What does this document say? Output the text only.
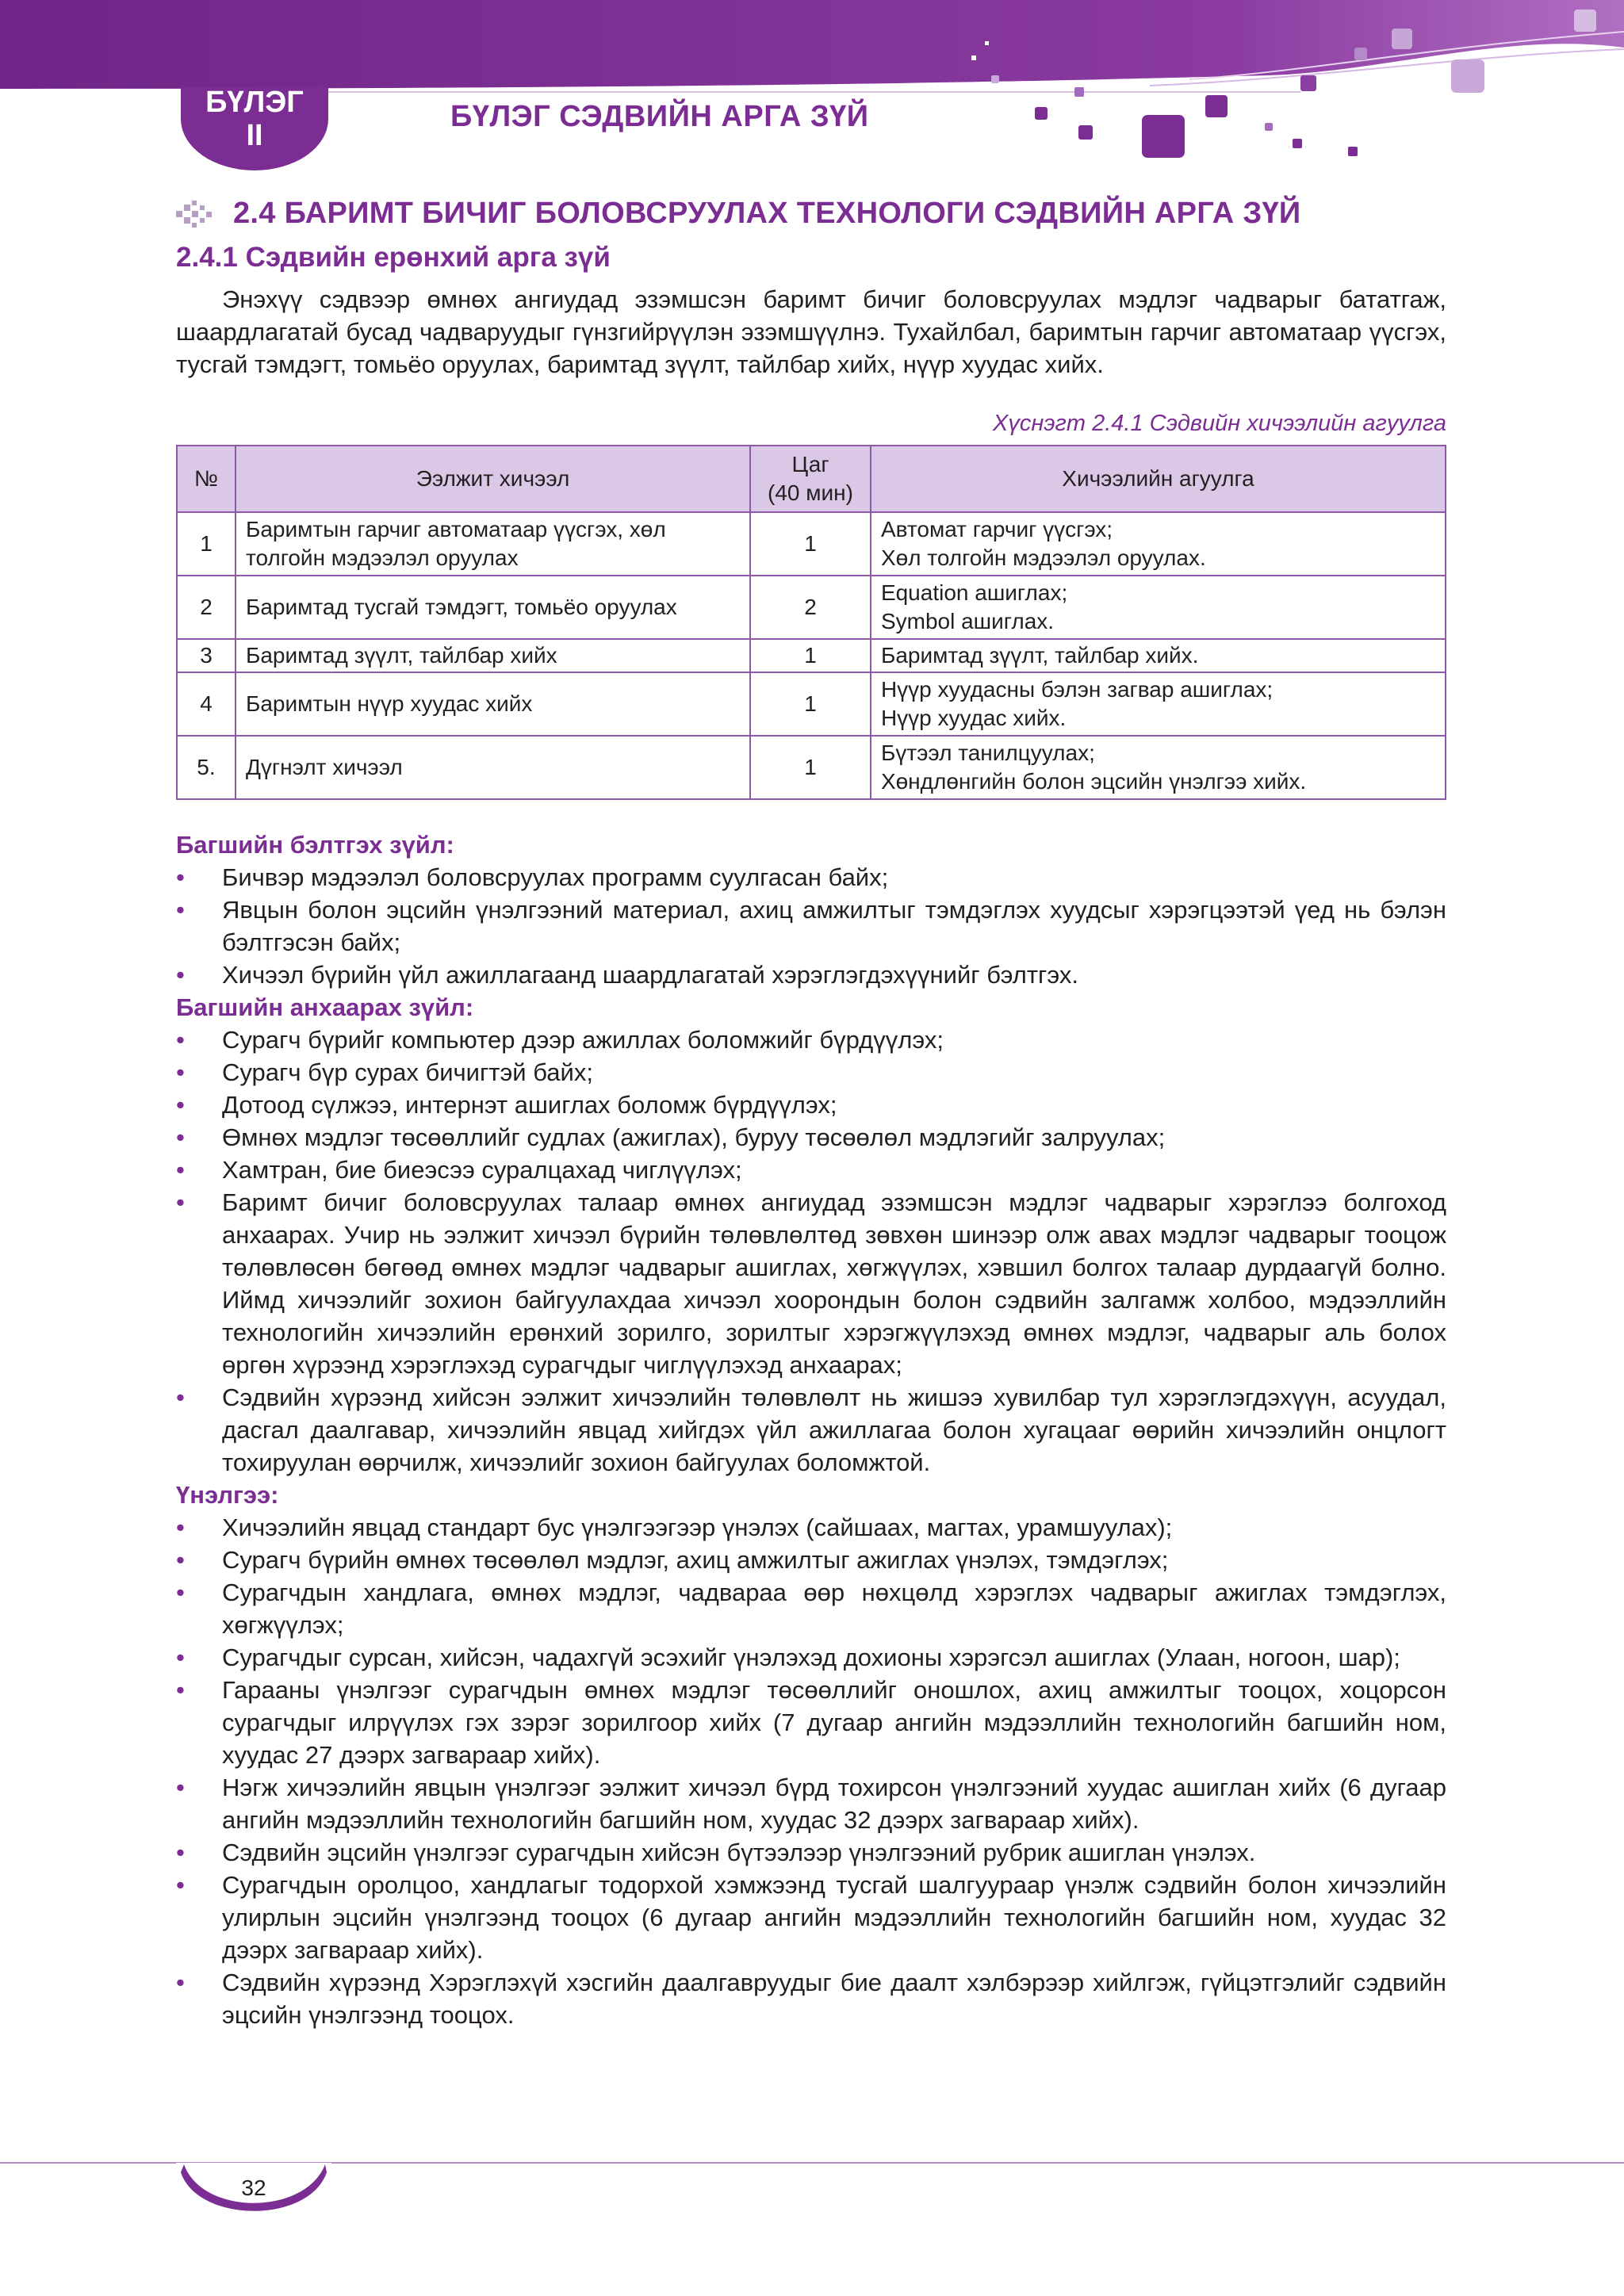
БҮЛЭГ
II
БҮЛЭГ СЭДВИЙН АРГА ЗҮЙ
2.4 БАРИМТ БИЧИГ БОЛОВСРУУЛАХ ТЕХНОЛОГИ СЭДВИЙН АРГА ЗҮЙ
2.4.1 Сэдвийн ерөнхий арга зүй

Энэхүү сэдвээр өмнөх ангиудад эзэмшсэн баримт бичиг боловсруулах мэдлэг чадварыг бататгаж, шаардлагатай бусад чадваруудыг гүнзгийрүүлэн эзэмшүүлнэ. Тухайлбал, баримтын гарчиг автоматаар үүсгэх, тусгай тэмдэгт, томьёо оруулах, баримтад зүүлт, тайлбар хийх, нүүр хуудас хийх.

Хүснэгт 2.4.1 Сэдвийн хичээлийн агуулга
№	Ээлжит хичээл	Цаг
(40 мин)	Хичээлийн агуулга
1	Баримтын гарчиг автоматаар үүсгэх, хөл толгойн мэдээлэл оруулах	1	Автомат гарчиг үүсгэх;
Хөл толгойн мэдээлэл оруулах.

2	Баримтад тусгай тэмдэгт, томьёо оруулах	2	Equation ашиглах;
Symbol ашиглах.

3	Баримтад зүүлт, тайлбар хийх	1	Баримтад зүүлт, тайлбар хийх.

4	Баримтын нүүр хуудас хийх	1	Нүүр хуудасны бэлэн загвар ашиглах;
Нүүр хуудас хийх.

5.	Дүгнэлт хичээл	1	Бүтээл танилцуулах;
Хөндлөнгийн болон эцсийн үнэлгээ хийх.

Багшийн бэлтгэх зүйл:

• Бичвэр мэдээлэл боловсруулах программ суулгасан байх;
• Явцын болон эцсийн үнэлгээний материал, ахиц амжилтыг тэмдэглэх хуудсыг хэрэгцээтэй үед нь бэлэн бэлтгэсэн байх;
• Хичээл бүрийн үйл ажиллагаанд шаардлагатай хэрэглэгдэхүүнийг бэлтгэх.

Багшийн анхаарах зүйл:

• Сурагч бүрийг компьютер дээр ажиллах боломжийг бүрдүүлэх;
• Сурагч бүр сурах бичигтэй байх;
• Дотоод сүлжээ, интернэт ашиглах боломж бүрдүүлэх;
• Өмнөх мэдлэг төсөөллийг судлах (ажиглах), буруу төсөөлөл мэдлэгийг залруулах;
• Хамтран, бие биеэсээ суралцахад чиглүүлэх;
• Баримт бичиг боловсруулах талаар өмнөх ангиудад эзэмшсэн мэдлэг чадварыг хэрэглээ болгоход анхаарах. Учир нь ээлжит хичээл бүрийн төлөвлөлтөд зөвхөн шинээр олж авах мэдлэг чадварыг тооцож төлөвлөсөн бөгөөд өмнөх мэдлэг чадварыг ашиглах, хөгжүүлэх, хэвшил болгох талаар дурдаагүй болно. Иймд хичээлийг зохион байгуулахдаа хичээл хоорондын болон сэдвийн залгамж холбоо, мэдээллийн технологийн хичээлийн ерөнхий зорилго, зорилтыг хэрэгжүүлэхэд өмнөх мэдлэг, чадварыг аль болох өргөн хүрээнд хэрэглэхэд сурагчдыг чиглүүлэхэд анхаарах;
• Сэдвийн хүрээнд хийсэн ээлжит хичээлийн төлөвлөлт нь жишээ хувилбар тул хэрэглэгдэхүүн, асуудал, дасгал даалгавар, хичээлийн явцад хийгдэх үйл ажиллагаа болон хугацааг өөрийн хичээлийн онцлогт тохируулан өөрчилж, хичээлийг зохион байгуулах боломжтой.

Үнэлгээ:

• Хичээлийн явцад стандарт бус үнэлгээгээр үнэлэх (сайшаах, магтах, урамшуулах);
• Сурагч бүрийн өмнөх төсөөлөл мэдлэг, ахиц амжилтыг ажиглах үнэлэх, тэмдэглэх;
• Сурагчдын хандлага, өмнөх мэдлэг, чадвараа өөр нөхцөлд хэрэглэх чадварыг ажиглах тэмдэглэх, хөгжүүлэх;
• Сурагчдыг сурсан, хийсэн, чадахгүй эсэхийг үнэлэхэд дохионы хэрэгсэл ашиглах (Улаан, ногоон, шар);
• Гарааны үнэлгээг сурагчдын өмнөх мэдлэг төсөөллийг оношлох, ахиц амжилтыг тооцох, хоцорсон сурагчдыг илрүүлэх гэх зэрэг зорилгоор хийх (7 дугаар ангийн мэдээллийн технологийн багшийн ном, хуудас 27 дээрх загвараар хийх).
• Нэгж хичээлийн явцын үнэлгээг ээлжит хичээл бүрд тохирсон үнэлгээний хуудас ашиглан хийх (6 дугаар ангийн мэдээллийн технологийн багшийн ном, хуудас 32 дээрх загвараар хийх).
• Сэдвийн эцсийн үнэлгээг сурагчдын хийсэн бүтээлээр үнэлгээний рубрик ашиглан үнэлэх.
• Сурагчдын оролцоо, хандлагыг тодорхой хэмжээнд тусгай шалгуураар үнэлж сэдвийн болон хичээлийн улирлын эцсийн үнэлгээнд тооцох (6 дугаар ангийн мэдээллийн технологийн багшийн ном, хуудас 32 дээрх загвараар хийх).
• Сэдвийн хүрээнд Хэрэглэхүй хэсгийн даалгавруудыг бие даалт хэлбэрээр хийлгэж, гүйцэтгэлийг сэдвийн эцсийн үнэлгээнд тооцох.
32
